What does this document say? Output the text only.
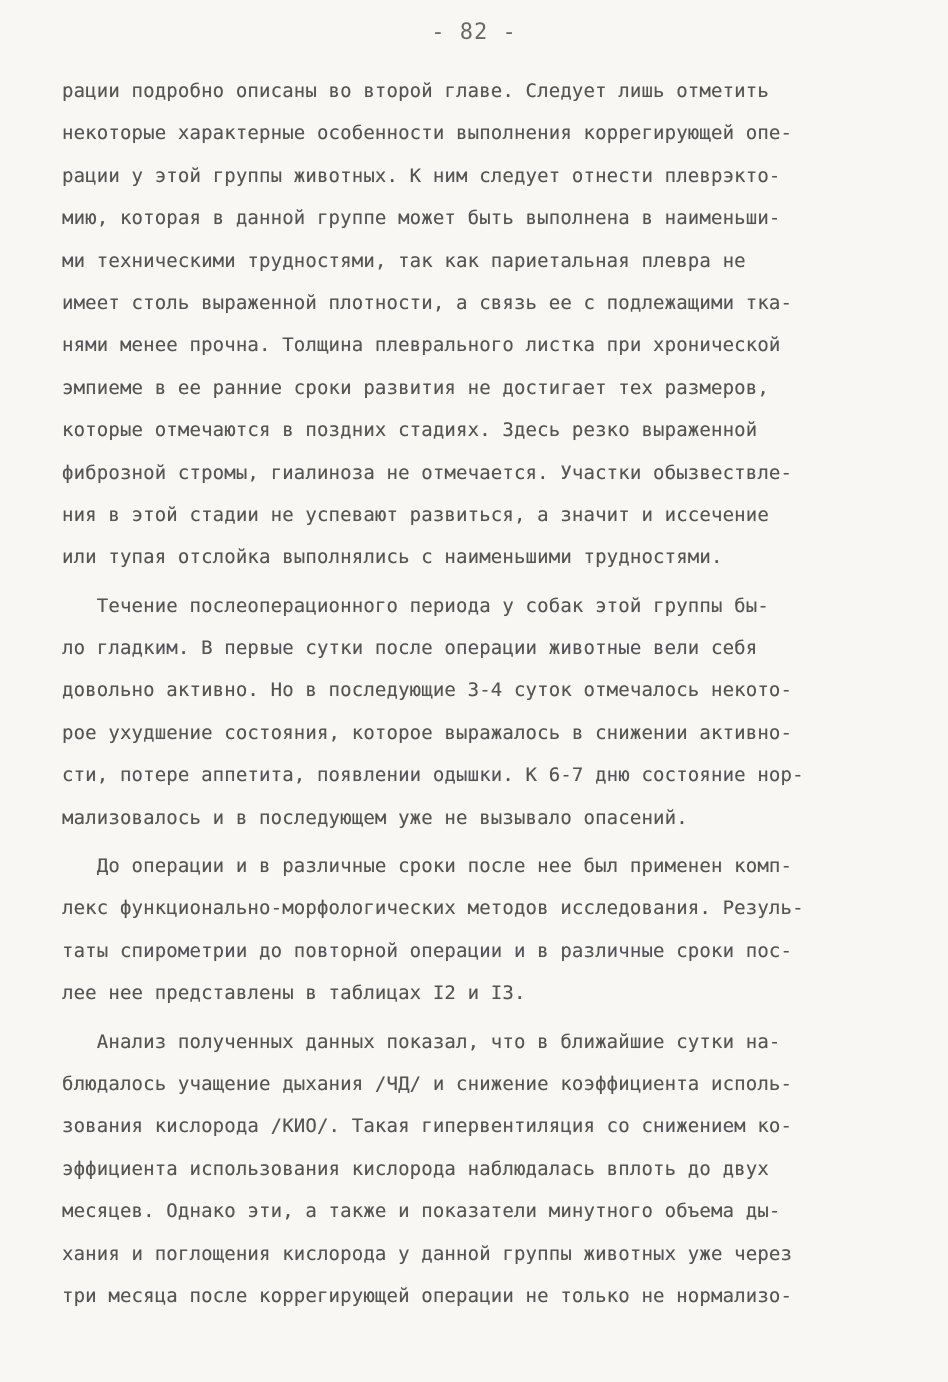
- 82 -
рации подробно описаны во второй главе. Следует лишь отметить
некоторые характерные особенности выполнения коррегирующей опе-
рации у этой группы животных. К ним следует отнести плеврэкто-
мию, которая в данной группе может быть выполнена в наименьши-
ми техническими трудностями, так как париетальная плевра не
имеет столь выраженной плотности, а связь ее с подлежащими тка-
нями менее прочна. Толщина плеврального листка при хронической
эмпиеме в ее ранние сроки развития не достигает тех размеров,
которые отмечаются в поздних стадиях. Здесь резко выраженной
фиброзной стромы, гиалиноза не отмечается. Участки обызвествле-
ния в этой стадии не успевают развиться, а значит и иссечение
или тупая отслойка выполнялись с наименьшими трудностями.
Течение послеоперационного периода у собак этой группы бы-
ло гладким. В первые сутки после операции животные вели себя
довольно активно. Но в последующие 3-4 суток отмечалось некото-
рое ухудшение состояния, которое выражалось в снижении активно-
сти, потере аппетита, появлении одышки. К 6-7 дню состояние нор-
мализовалось и в последующем уже не вызывало опасений.
До операции и в различные сроки после нее был применен комп-
лекс функционально-морфологических методов исследования. Резуль-
таты спирометрии до повторной операции и в различные сроки пос-
лее нее представлены в таблицах I2 и I3.
Анализ полученных данных показал, что в ближайшие сутки на-
блюдалось учащение дыхания /ЧД/ и снижение коэффициента исполь-
зования кислорода /КИО/. Такая гипервентиляция со снижением ко-
эффициента использования кислорода наблюдалась вплоть до двух
месяцев. Однако эти, а также и показатели минутного объема ды-
хания и поглощения кислорода у данной группы животных уже через
три месяца после коррегирующей операции не только не нормализо-
